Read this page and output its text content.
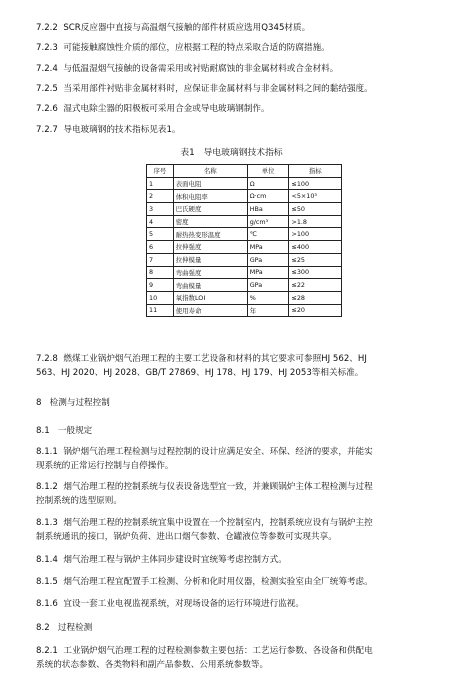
7.2.2 SCR反应器中直接与高温烟气接触的部件材质应选用Q345材质。
7.2.3 可能接触腐蚀性介质的部位，应根据工程的特点采取合适的防腐措施。
7.2.4 与低温湿烟气接触的设备需采用或衬贴耐腐蚀的非金属材料或合金材料。
7.2.5 当采用部件衬贴非金属材料时，应保证非金属材料与非金属材料之间的黏结强度。
7.2.6 湿式电除尘器的阳极板可采用合金或导电玻璃钢制作。
7.2.7 导电玻璃钢的技术指标见表1。
表1　导电玻璃钢技术指标
序号	名称	单位	指标
1	表面电阻	Ω	≤100
2	体积电阻率	Ω·cm	<5×10³
3	巴氏硬度	HBa	≤50
4	密度	g/cm³	>1.8
5	耐热热变形温度	℃	>100
6	拉伸强度	MPa	≤400
7	拉伸模量	GPa	≤25
8	弯曲强度	MPa	≤300
9	弯曲模量	GPa	≤22
10	氧指数LOI	%	≤28
11	使用寿命	年	≤20
7.2.8 燃煤工业锅炉烟气治理工程的主要工艺设备和材料的其它要求可参照HJ 562、HJ
563、HJ 2020、HJ 2028、GB/T 27869、HJ 178、HJ 179、HJ 2053等相关标准。
8 检测与过程控制
8.1 一般规定
8.1.1 锅炉烟气治理工程检测与过程控制的设计应满足安全、环保、经济的要求，并能实
现系统的正常运行控制与自停操作。
8.1.2 烟气治理工程的控制系统与仪表设备选型宜一致，并兼顾锅炉主体工程检测与过程
控制系统的选型原则。
8.1.3 烟气治理工程的控制系统宜集中设置在一个控制室内，控制系统应设有与锅炉主控
制系统通讯的接口，锅炉负荷、进出口烟气参数、仓罐液位等参数可实现共享。
8.1.4 烟气治理工程与锅炉主体同步建设时宜统筹考虑控制方式。
8.1.5 烟气治理工程宜配置手工检测、分析和化时用仪器，检测实验室由全厂统筹考虑。
8.1.6 宜设一套工业电视监视系统，对现场设备的运行环境进行监视。
8.2 过程检测
8.2.1 工业锅炉烟气治理工程的过程检测参数主要包括：工艺运行参数、各设备和供配电
系统的状态参数、各类物料和副产品参数、公用系统参数等。
